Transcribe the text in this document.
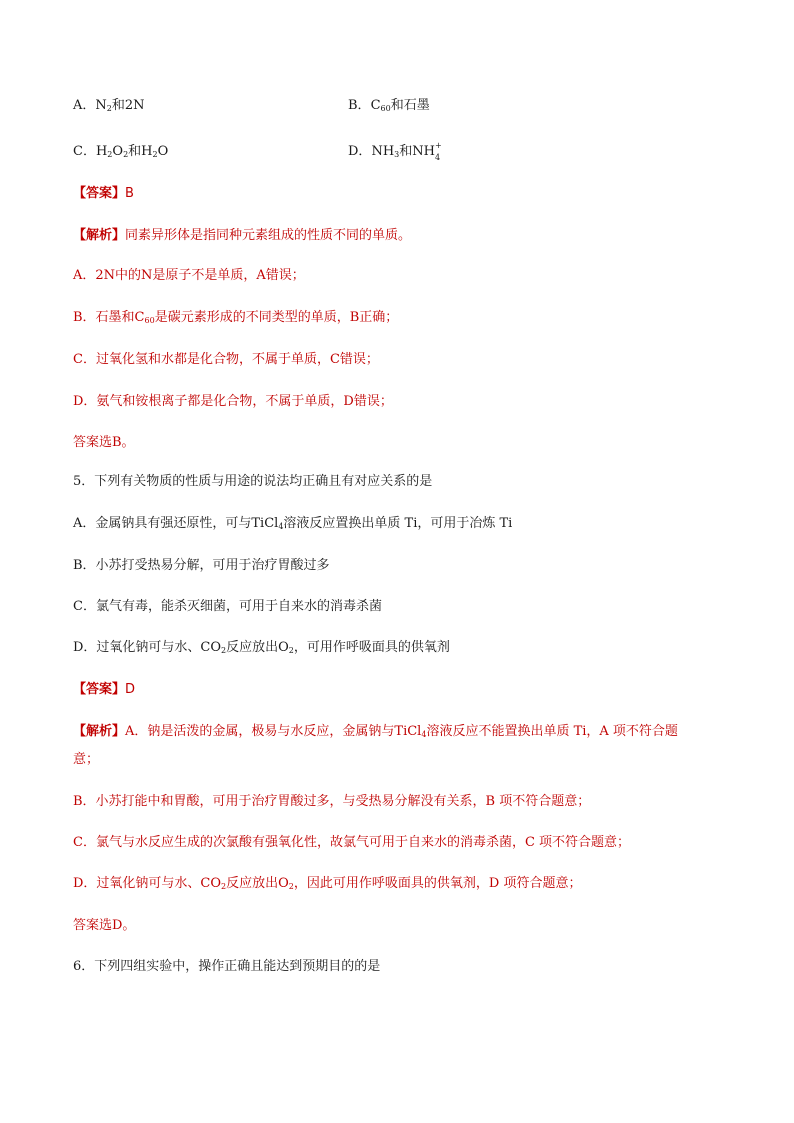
A．$N_2$和2N	B．$C_{60}$和石墨
C．$H_2O_2$和$H_2O$	D．$NH_3$和NH +
4
【答案】B
【解析】同素异形体是指同种元素组成的性质不同的单质。
A．2N中的N是原子不是单质，A错误；
B．石墨和$C_{60}$是碳元素形成的不同类型的单质，B正确；
C．过氧化氢和水都是化合物，不属于单质，C错误；
D．氨气和铵根离子都是化合物，不属于单质，D错误；
答案选B。
5．下列有关物质的性质与用途的说法均正确且有对应关系的是
A．金属钠具有强还原性，可与TiCl$_4$溶液反应置换出单质 Ti，可用于冶炼 Ti
B．小苏打受热易分解，可用于治疗胃酸过多
C．氯气有毒，能杀灭细菌，可用于自来水的消毒杀菌
D．过氧化钠可与水、$CO_2$反应放出$O_2$，可用作呼吸面具的供氧剂
【答案】D
【解析】A．钠是活泼的金属，极易与水反应，金属钠与TiCl$_4$溶液反应不能置换出单质 Ti，A 项不符合题
意；
B．小苏打能中和胃酸，可用于治疗胃酸过多，与受热易分解没有关系，B 项不符合题意；
C．氯气与水反应生成的次氯酸有强氧化性，故氯气可用于自来水的消毒杀菌，C 项不符合题意；
D．过氧化钠可与水、$CO_2$反应放出$O_2$，因此可用作呼吸面具的供氧剂，D 项符合题意；
答案选D。
6．下列四组实验中，操作正确且能达到预期目的的是
